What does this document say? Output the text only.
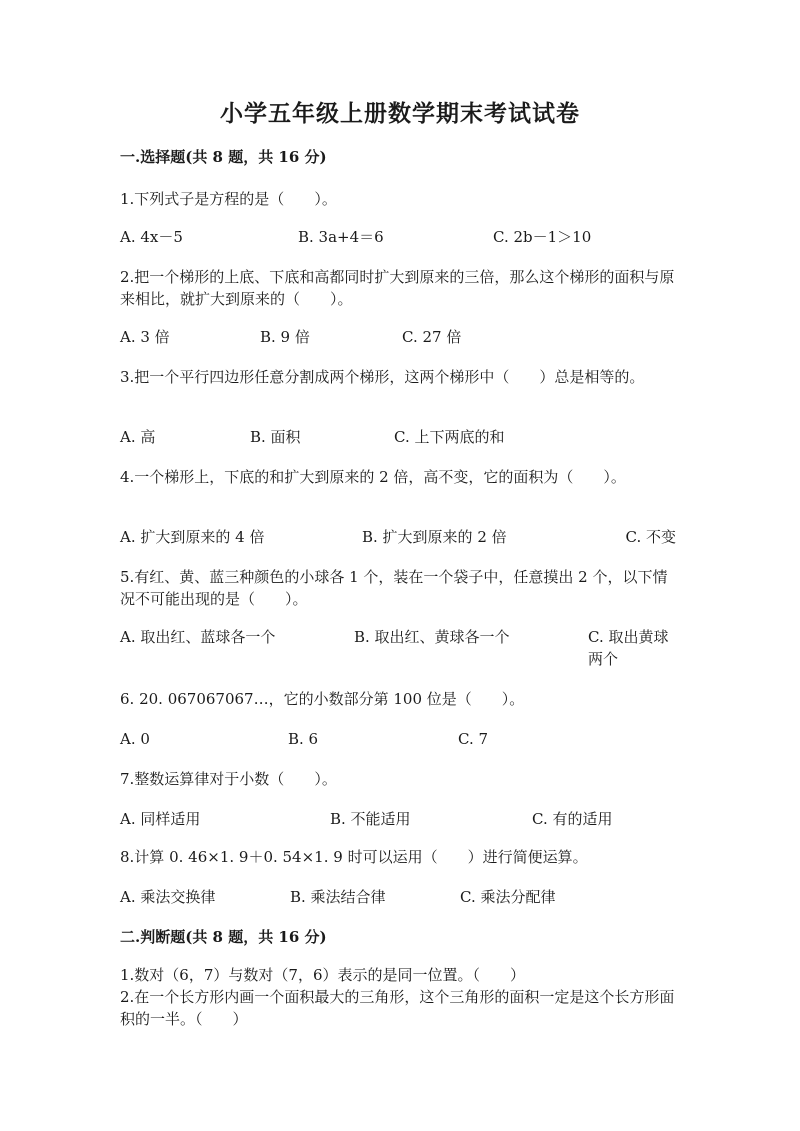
小学五年级上册数学期末考试试卷
一.选择题(共 8 题，共 16 分)
1.下列式子是方程的是（　　）。
A. 4x－5	B. 3a+4＝6	C. 2b－1＞10
2.把一个梯形的上底、下底和高都同时扩大到原来的三倍，那么这个梯形的面积与原来相比，就扩大到原来的（　　）。
A. 3 倍	B. 9 倍	C. 27 倍
3.把一个平行四边形任意分割成两个梯形，这两个梯形中（　　）总是相等的。
A. 高	B. 面积	C. 上下两底的和
4.一个梯形上，下底的和扩大到原来的 2 倍，高不变，它的面积为（　　）。
A. 扩大到原来的 4 倍	B. 扩大到原来的 2 倍	C. 不变
5.有红、黄、蓝三种颜色的小球各 1 个，装在一个袋子中，任意摸出 2 个，以下情况不可能出现的是（　　）。
A. 取出红、蓝球各一个	B. 取出红、黄球各一个	C. 取出黄球两个
6. 20. 067067067…，它的小数部分第 100 位是（　　）。
A. 0	B. 6	C. 7
7.整数运算律对于小数（　　）。
A. 同样适用	B. 不能适用	C. 有的适用
8.计算 0. 46×1. 9＋0. 54×1. 9 时可以运用（　　）进行简便运算。
A. 乘法交换律	B. 乘法结合律	C. 乘法分配律
二.判断题(共 8 题，共 16 分)
1.数对（6，7）与数对（7，6）表示的是同一位置。（　　）
2.在一个长方形内画一个面积最大的三角形，这个三角形的面积一定是这个长方形面积的一半。（　　）
